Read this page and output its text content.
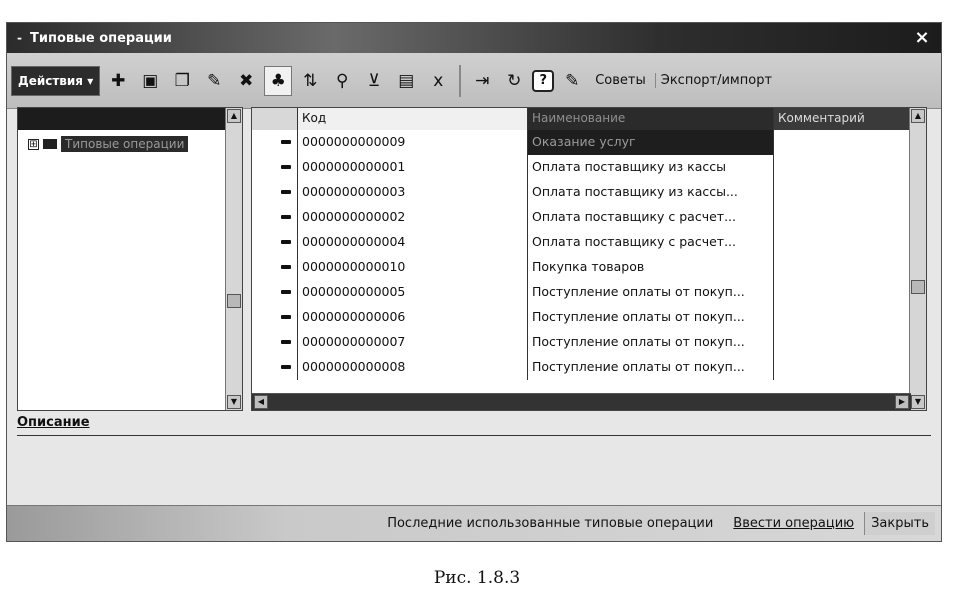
- Типовые операции	×
Действия ▾	✚ ▣ ❐	✎	✖	♣	⇅	⚲	⊻	▤	ⅹ	⇥	↻	?	✎	Советы	Экспорт/импорт
⊞	Типовые операции
▲
▼
Код	Наименование	Комментарий
0000000000009	Оказание услуг
0000000000001	Оплата поставщику из кассы
0000000000003	Оплата поставщику из кассы...
0000000000002	Оплата поставщику с расчет...
0000000000004	Оплата поставщику с расчет...
0000000000010	Покупка товаров
0000000000005	Поступление оплаты от покуп...
0000000000006	Поступление оплаты от покуп...
0000000000007	Поступление оплаты от покуп...
0000000000008	Поступление оплаты от покуп...
▲
▼
◀	▶
Описание
Последние использованные типовые операции	Ввести операцию	Закрыть
Рис. 1.8.3
